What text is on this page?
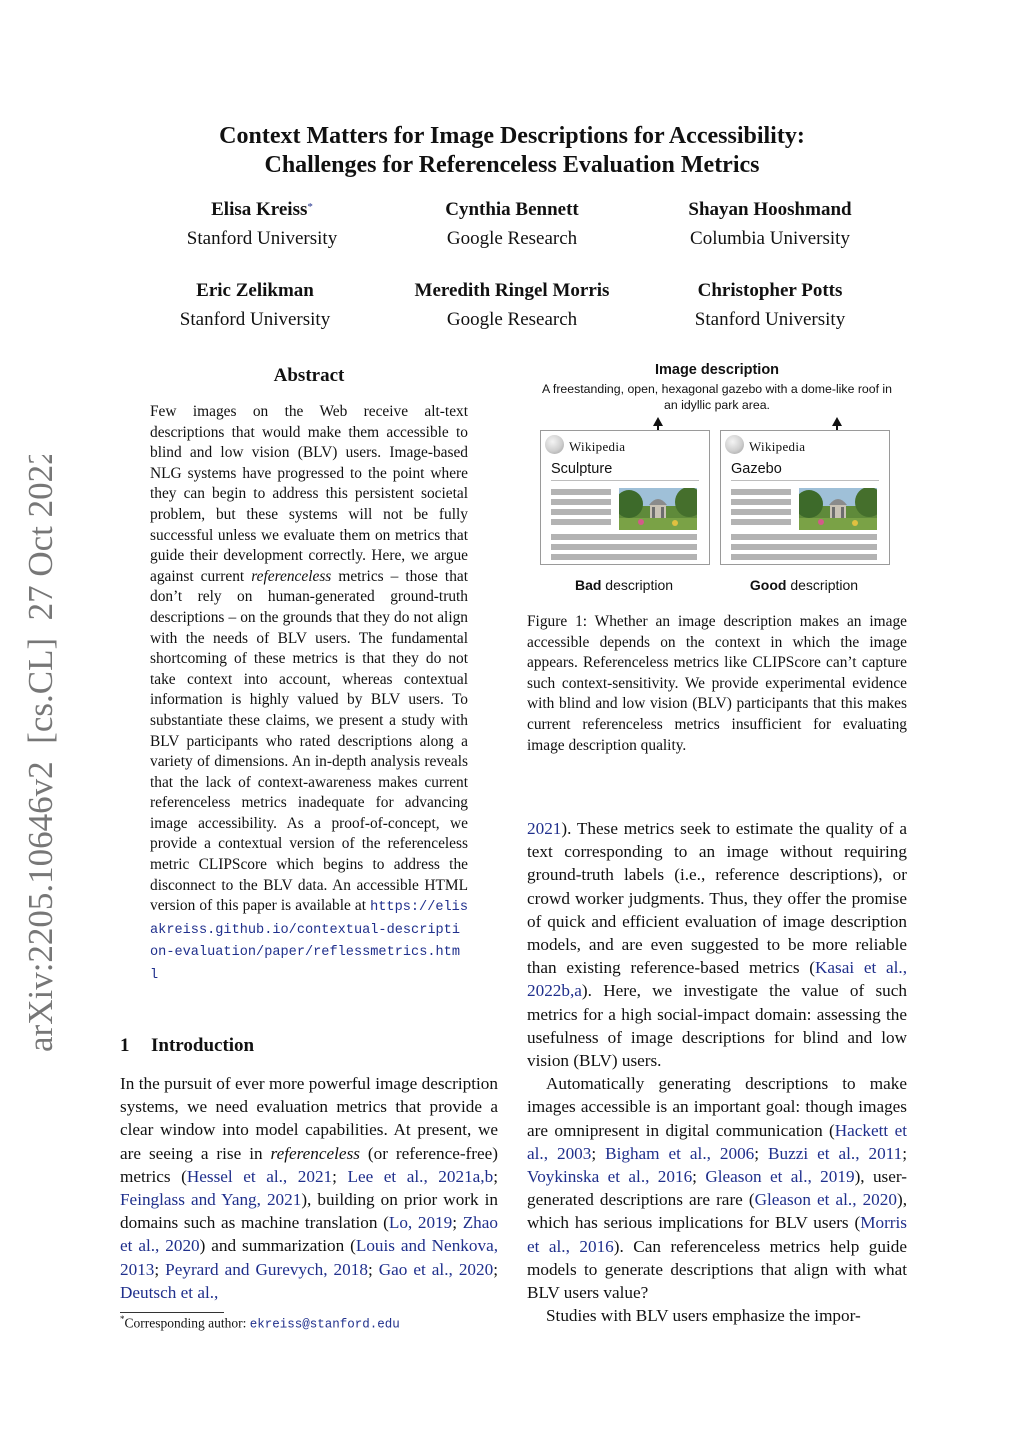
arXiv:2205.10646v2  [cs.CL]  27 Oct 2022
Context Matters for Image Descriptions for Accessibility:
Challenges for Referenceless Evaluation Metrics
Elisa Kreiss*
Stanford University
Cynthia Bennett
Google Research
Shayan Hooshmand
Columbia University
Eric Zelikman
Stanford University
Meredith Ringel Morris
Google Research
Christopher Potts
Stanford University
Abstract
Few images on the Web receive alt-text descriptions that would make them accessible to blind and low vision (BLV) users. Image-based NLG systems have progressed to the point where they can begin to address this persistent societal problem, but these systems will not be fully successful unless we evaluate them on metrics that guide their development correctly. Here, we argue against current referenceless metrics – those that don’t rely on human-generated ground-truth descriptions – on the grounds that they do not align with the needs of BLV users. The fundamental shortcoming of these metrics is that they do not take context into account, whereas contextual information is highly valued by BLV users. To substantiate these claims, we present a study with BLV participants who rated descriptions along a variety of dimensions. An in-depth analysis reveals that the lack of context-awareness makes current referenceless metrics inadequate for advancing image accessibility. As a proof-of-concept, we provide a contextual version of the referenceless metric CLIPScore which begins to address the disconnect to the BLV data. An accessible HTML version of this paper is available at https://elisakreiss.github.io/contextual-description-evaluation/paper/reflessmetrics.html
1 Introduction
In the pursuit of ever more powerful image description systems, we need evaluation metrics that provide a clear window into model capabilities. At present, we are seeing a rise in referenceless (or reference-free) metrics (Hessel et al., 2021; Lee et al., 2021a,b; Feinglass and Yang, 2021), building on prior work in domains such as machine translation (Lo, 2019; Zhao et al., 2020) and summarization (Louis and Nenkova, 2013; Peyrard and Gurevych, 2018; Gao et al., 2020; Deutsch et al.,
*Corresponding author: ekreiss@stanford.edu
Image description
A freestanding, open, hexagonal gazebo with a dome-like roof in an idyllic park area.
Wikipedia
Sculpture
Wikipedia
Gazebo
Bad description	Good description
Figure 1: Whether an image description makes an image accessible depends on the context in which the image appears. Referenceless metrics like CLIPScore can’t capture such context-sensitivity. We provide experimental evidence with blind and low vision (BLV) participants that this makes current referenceless metrics insufficient for evaluating image description quality.

2021). These metrics seek to estimate the quality of a text corresponding to an image without requiring ground-truth labels (i.e., reference descriptions), or crowd worker judgments. Thus, they offer the promise of quick and efficient evaluation of image description models, and are even suggested to be more reliable than existing reference-based metrics (Kasai et al., 2022b,a). Here, we investigate the value of such metrics for a high social-impact domain: assessing the usefulness of image descriptions for blind and low vision (BLV) users.

Automatically generating descriptions to make images accessible is an important goal: though images are omnipresent in digital communication (Hackett et al., 2003; Bigham et al., 2006; Buzzi et al., 2011; Voykinska et al., 2016; Gleason et al., 2019), user-generated descriptions are rare (Gleason et al., 2020), which has serious implications for BLV users (Morris et al., 2016). Can referenceless metrics help guide models to generate descriptions that align with what BLV users value?

Studies with BLV users emphasize the impor-
